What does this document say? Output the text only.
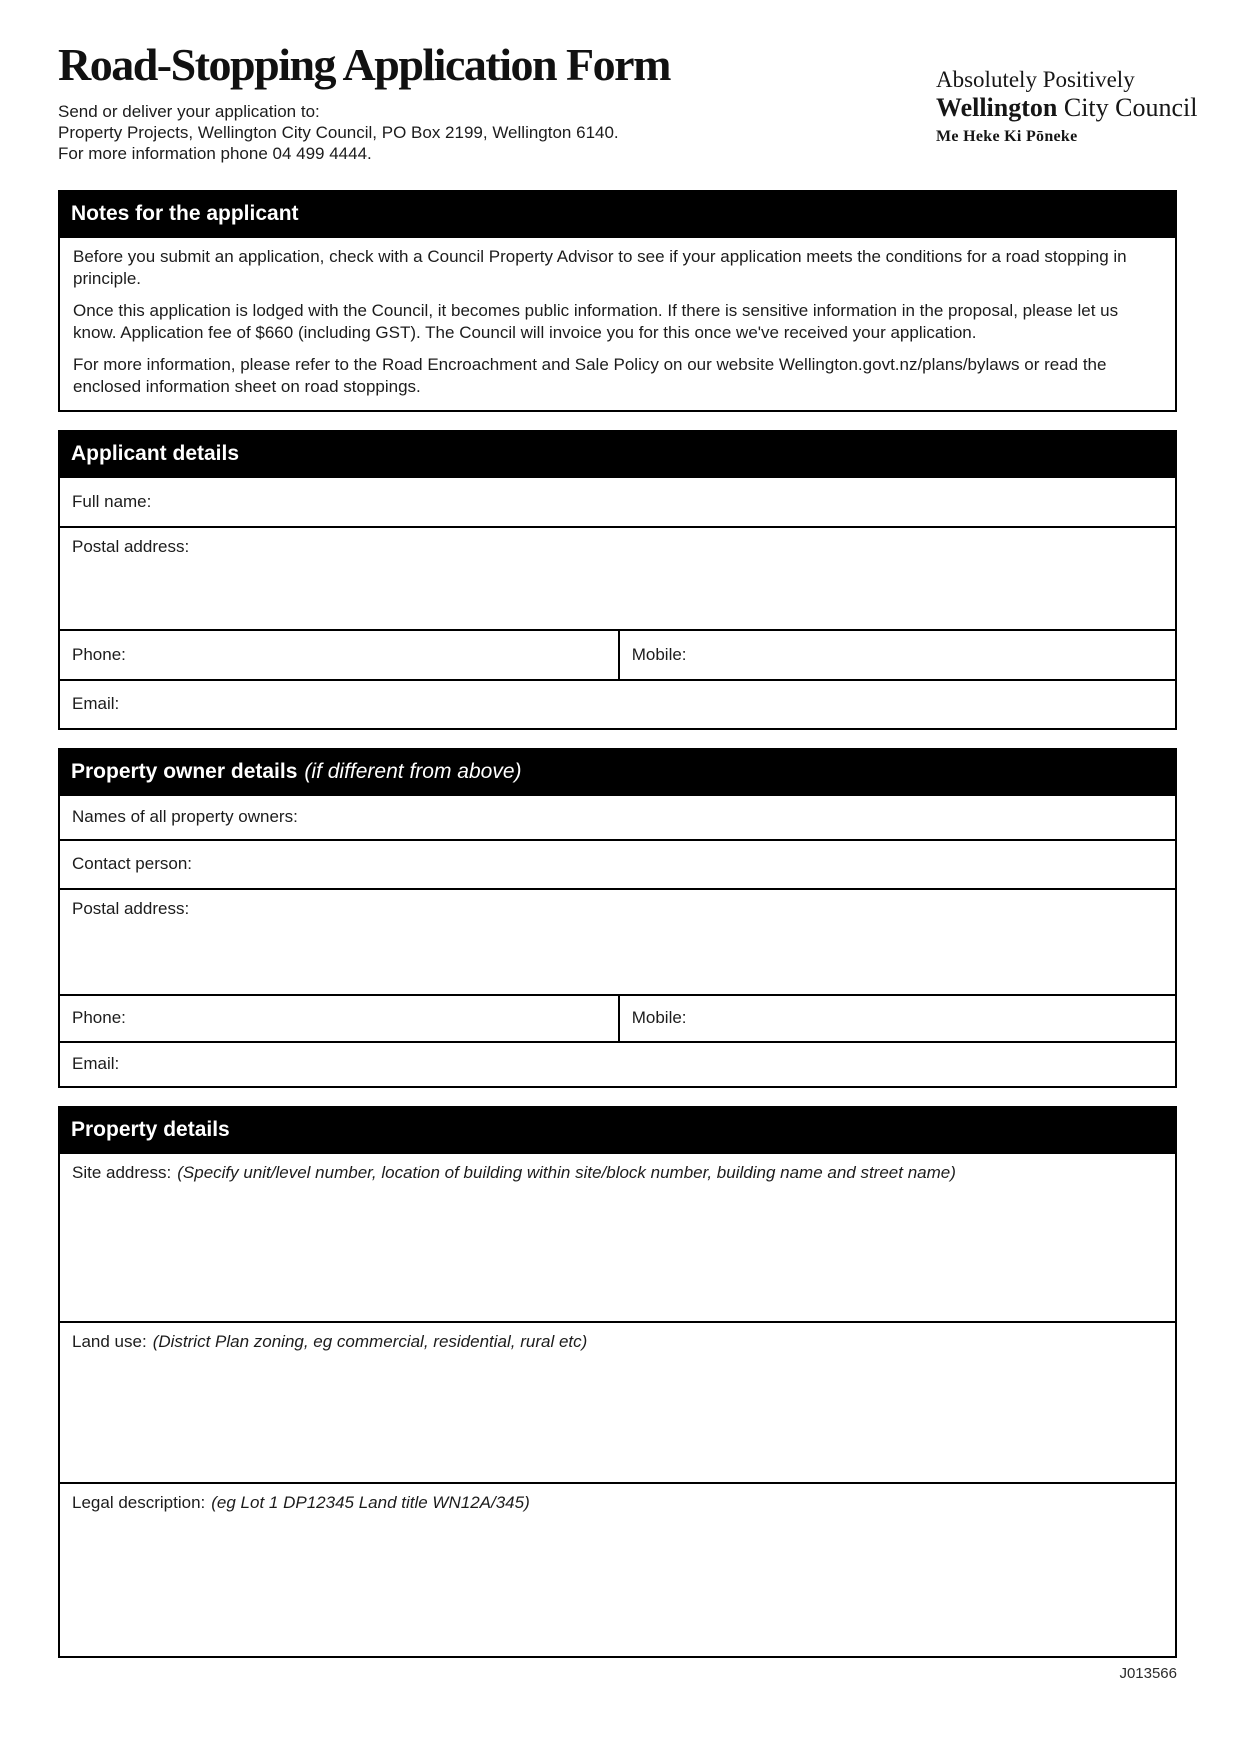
Absolutely Positively
Wellington City Council
Me Heke Ki Pōneke
Road-Stopping Application Form
Send or deliver your application to:
Property Projects, Wellington City Council, PO Box 2199, Wellington 6140.
For more information phone 04 499 4444.
Notes for the applicant

Before you submit an application, check with a Council Property Advisor to see if your application meets the conditions for a road stopping in principle.

Once this application is lodged with the Council, it becomes public information. If there is sensitive information in the proposal, please let us know. Application fee of $660 (including GST). The Council will invoice you for this once we've received your application.

For more information, please refer to the Road Encroachment and Sale Policy on our website Wellington.govt.nz/plans/bylaws or read the enclosed information sheet on road stoppings.

Applicant details
Full name:
Postal address:
Phone:	Mobile:
Email:
Property owner details (if different from above)
Names of all property owners:
Contact person:
Postal address:
Phone:	Mobile:
Email:
Property details
Site address: (Specify unit/level number, location of building within site/block number, building name and street name)
Land use: (District Plan zoning, eg commercial, residential, rural etc)
Legal description: (eg Lot 1 DP12345 Land title WN12A/345)
J013566
